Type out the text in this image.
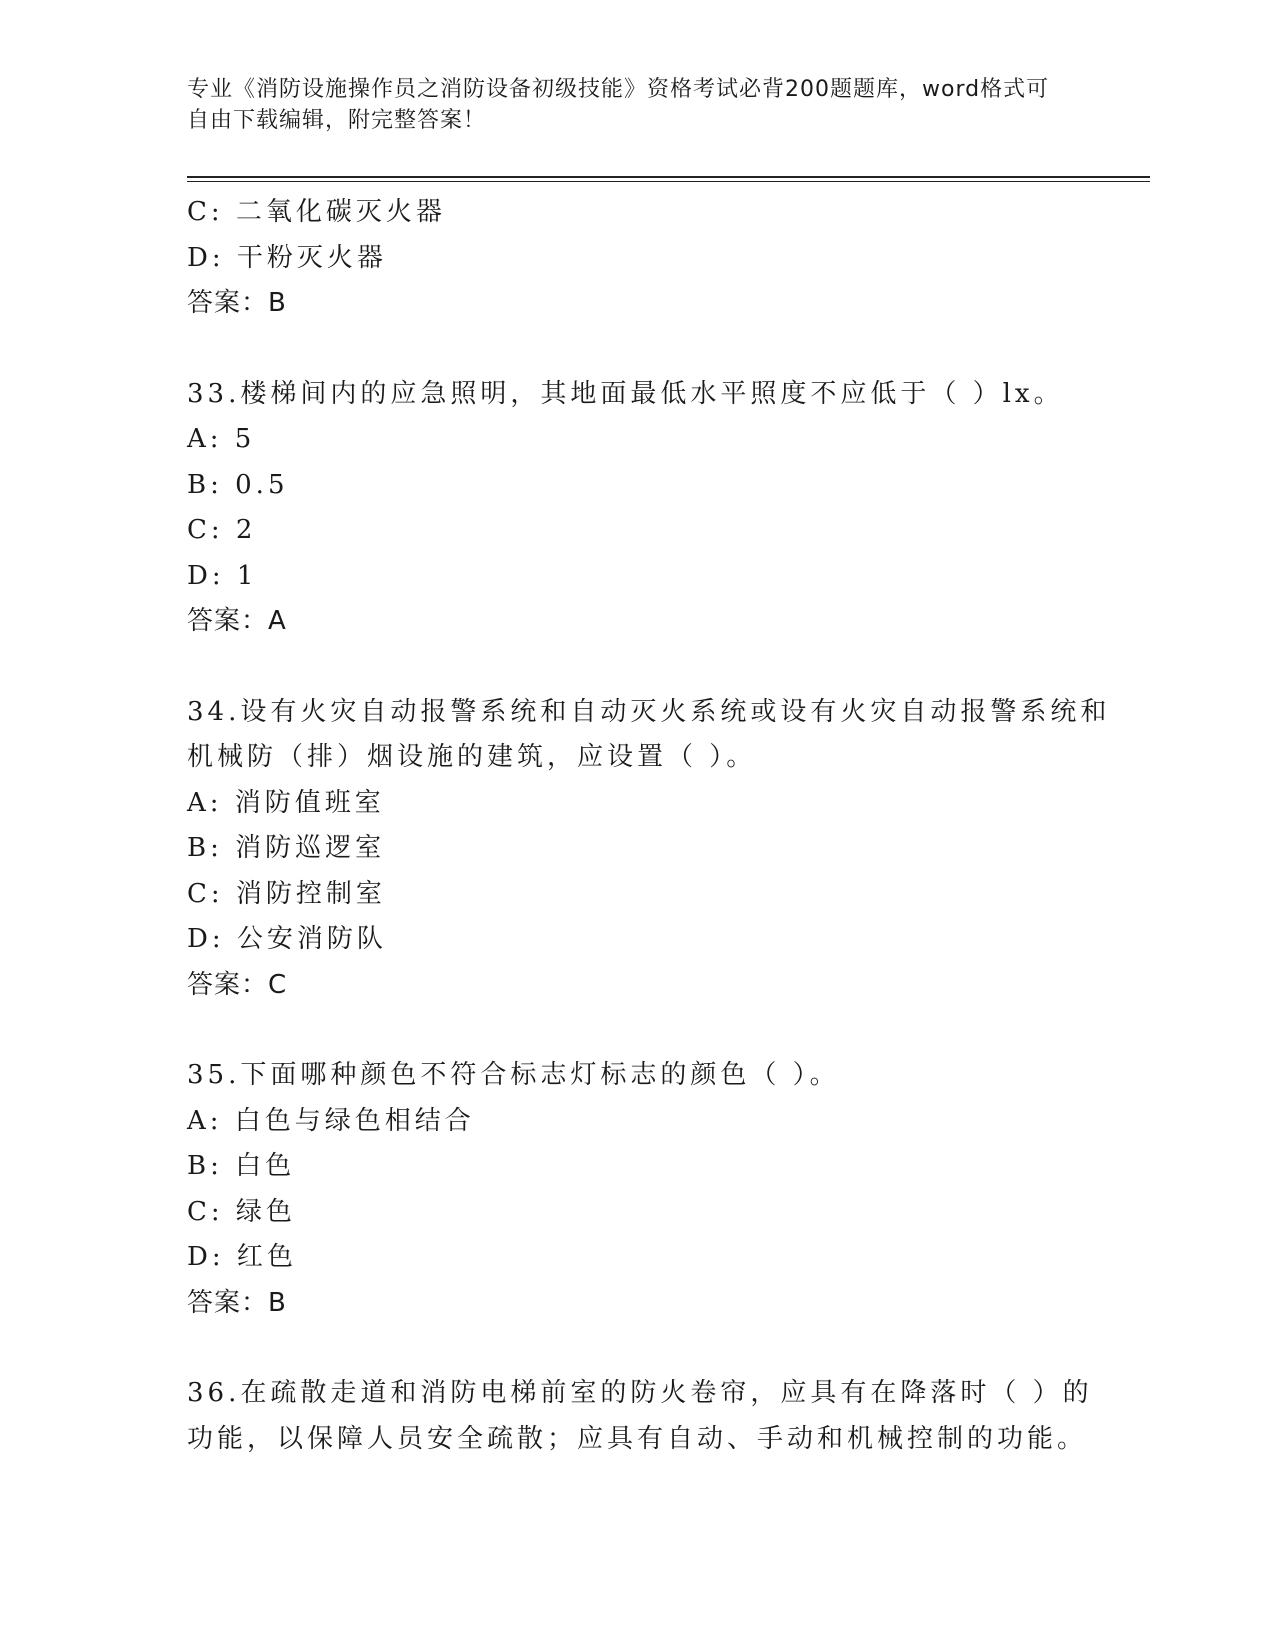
专业《消防设施操作员之消防设备初级技能》资格考试必背200题题库，word格式可自由下载编辑，附完整答案！
C: 二氧化碳灭火器
D: 干粉灭火器
答案：B
33.楼梯间内的应急照明，其地面最低水平照度不应低于（ ）lx。
A: 5
B: 0.5
C: 2
D: 1
答案：A
34.设有火灾自动报警系统和自动灭火系统或设有火灾自动报警系统和
机械防（排）烟设施的建筑，应设置（ ）。
A: 消防值班室
B: 消防巡逻室
C: 消防控制室
D: 公安消防队
答案：C
35.下面哪种颜色不符合标志灯标志的颜色（ ）。
A: 白色与绿色相结合
B: 白色
C: 绿色
D: 红色
答案：B
36.在疏散走道和消防电梯前室的防火卷帘，应具有在降落时（ ）的
功能，以保障人员安全疏散；应具有自动、手动和机械控制的功能。
